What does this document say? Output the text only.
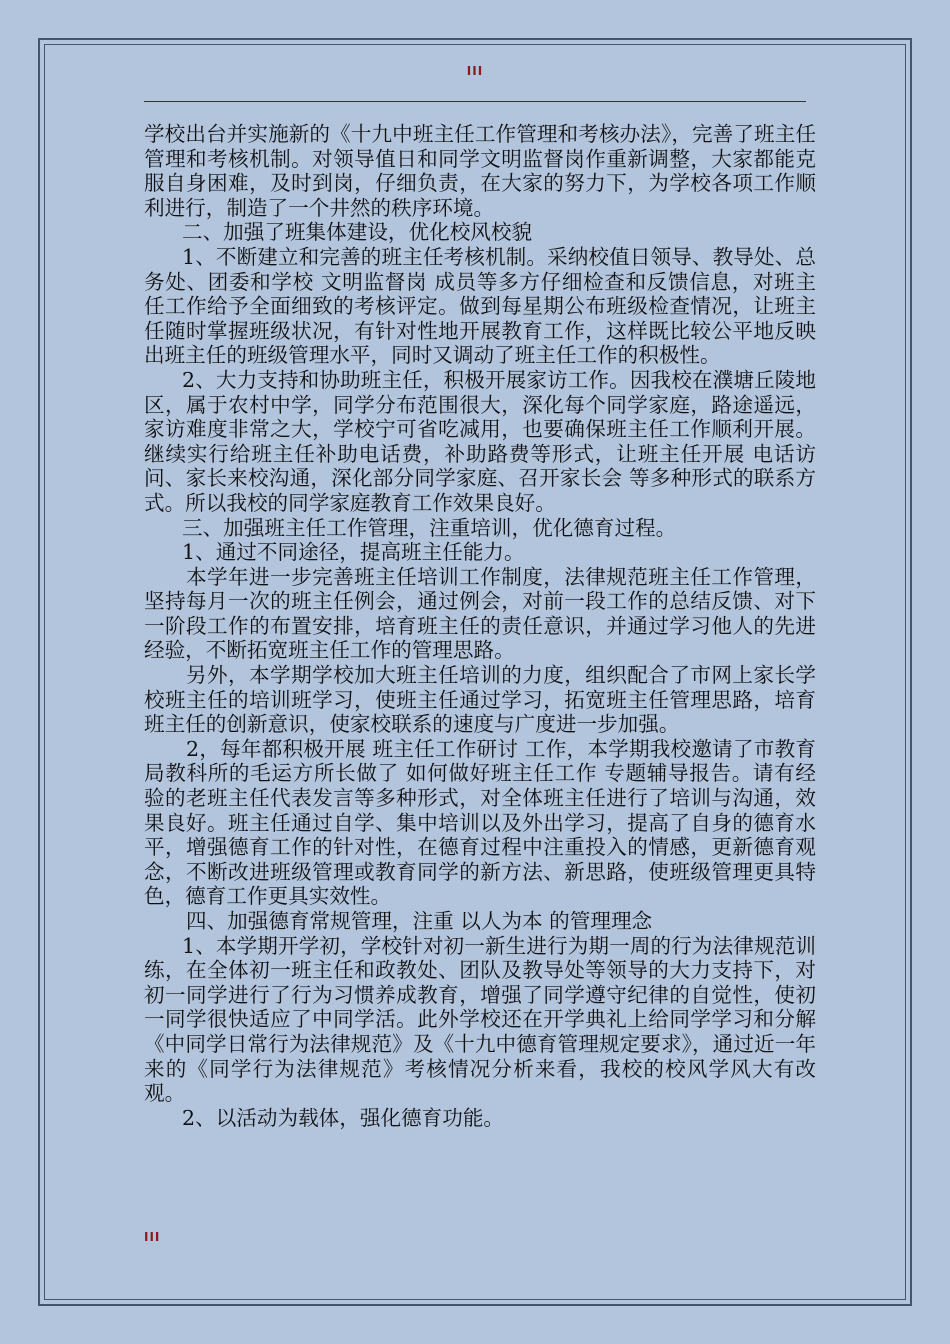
III

学校出台并实施新的《十九中班主任工作管理和考核办法》，完善了班主任管理和考核机制。对领导值日和同学文明监督岗作重新调整，大家都能克服自身困难，及时到岗，仔细负责，在大家的努力下，为学校各项工作顺利进行，制造了一个井然的秩序环境。

二、加强了班集体建设，优化校风校貌

1、不断建立和完善的班主任考核机制。采纳校值日领导、教导处、总务处、团委和学校 文明监督岗 成员等多方仔细检查和反馈信息，对班主任工作给予全面细致的考核评定。做到每星期公布班级检查情况，让班主任随时掌握班级状况，有针对性地开展教育工作，这样既比较公平地反映出班主任的班级管理水平，同时又调动了班主任工作的积极性。

2、大力支持和协助班主任，积极开展家访工作。因我校在濮塘丘陵地区，属于农村中学，同学分布范围很大，深化每个同学家庭，路途遥远，家访难度非常之大，学校宁可省吃减用，也要确保班主任工作顺利开展。继续实行给班主任补助电话费，补助路费等形式，让班主任开展 电话访问、家长来校沟通，深化部分同学家庭、召开家长会 等多种形式的联系方式。所以我校的同学家庭教育工作效果良好。

三、加强班主任工作管理，注重培训，优化德育过程。

1、通过不同途径，提高班主任能力。

本学年进一步完善班主任培训工作制度，法律规范班主任工作管理，坚持每月一次的班主任例会，通过例会，对前一段工作的总结反馈、对下一阶段工作的布置安排，培育班主任的责任意识，并通过学习他人的先进经验，不断拓宽班主任工作的管理思路。

另外，本学期学校加大班主任培训的力度，组织配合了市网上家长学校班主任的培训班学习，使班主任通过学习，拓宽班主任管理思路，培育班主任的创新意识，使家校联系的速度与广度进一步加强。

2，每年都积极开展 班主任工作研讨 工作，本学期我校邀请了市教育局教科所的毛运方所长做了 如何做好班主任工作 专题辅导报告。请有经验的老班主任代表发言等多种形式，对全体班主任进行了培训与沟通，效果良好。班主任通过自学、集中培训以及外出学习，提高了自身的德育水平，增强德育工作的针对性，在德育过程中注重投入的情感，更新德育观念，不断改进班级管理或教育同学的新方法、新思路，使班级管理更具特色，德育工作更具实效性。

四、加强德育常规管理，注重 以人为本 的管理理念

1、本学期开学初，学校针对初一新生进行为期一周的行为法律规范训练，在全体初一班主任和政教处、团队及教导处等领导的大力支持下，对初一同学进行了行为习惯养成教育，增强了同学遵守纪律的自觉性，使初一同学很快适应了中同学活。此外学校还在开学典礼上给同学学习和分解《中同学日常行为法律规范》及《十九中德育管理规定要求》，通过近一年来的《同学行为法律规范》考核情况分析来看，我校的校风学风大有改观。

2、以活动为载体，强化德育功能。

III
